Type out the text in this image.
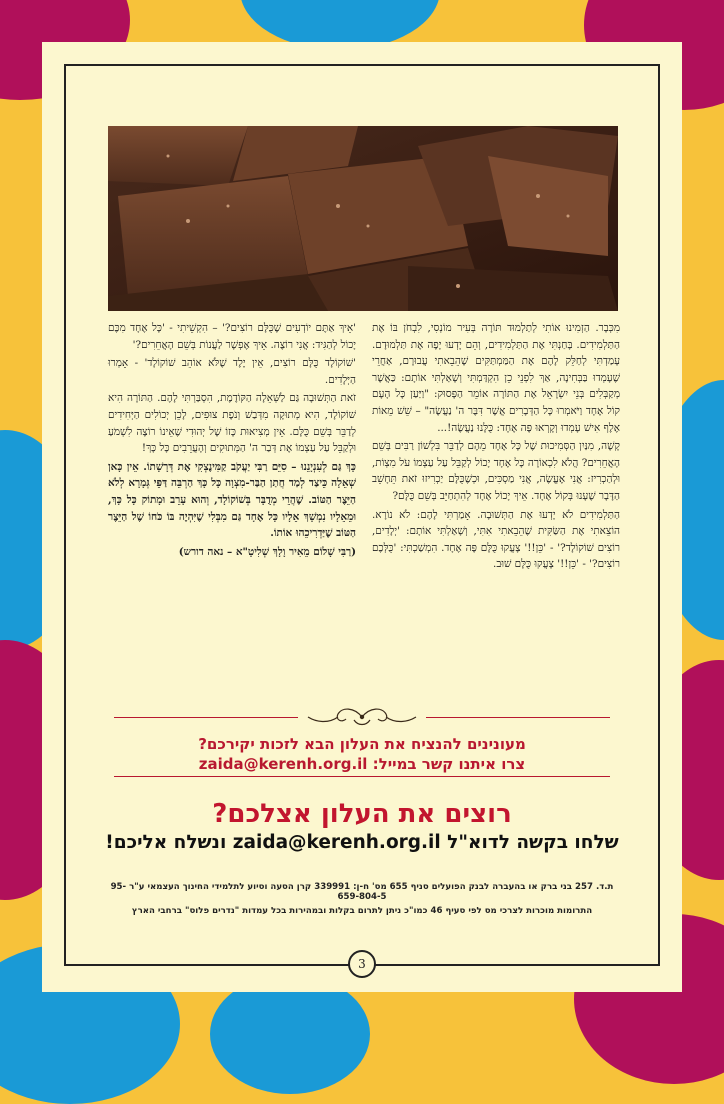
מִכְּבָר. הַזְמִינוּ אוֹתִי לְתַלְמוּד תּוֹרָה בְּעִיר מוֹנְסִי, לִבְחֹן בּוֹ אֶת הַתַּלְמִידִים. בָּחַנְתִּי אֶת הַתַּלְמִידִים, וְהֵם יָדְעוּ יָפֶה אֶת תַּלְמוּדָם. עָמַדְתִּי לְחַלֵּק לָהֶם אֶת הַמַּמְתַּקִּים שֶׁהֵבֵאתִי עֲבוּרָם, אַחֲרֵי שֶׁעָמְדוּ בַּבְּחִינָה, אַךְ לִפְנֵי כֵן הִקְדַּמְתִּי וְשָׁאַלְתִּי אוֹתָם: כַּאֲשֶׁר מְקַבְּלִים בְּנֵי יִשְׂרָאֵל אֶת הַתּוֹרָה אוֹמֵר הַפָּסוּק: "וַיַּעַן כָּל הָעָם קוֹל אֶחָד וַיֹּאמְרוּ כָּל הַדְּבָרִים אֲשֶׁר דִּבֶּר ה' נַעֲשֶׂה" – שֵׁשׁ מֵאוֹת אֶלֶף אִישׁ עָמְדוּ וְקָרְאוּ פֶּה אֶחָד: כֻּלָּנוּ נַעֲשֶׂה!...

קָשֶׁה, מִנַּיִן הַסְּמִיכוּת שֶׁל כָּל אֶחָד מֵהֶם לְדַבֵּר בִּלְשׁוֹן רַבִּים בְּשֵׁם הָאֲחֵרִים? הֲלֹא לִכְאוֹרָה כָּל אֶחָד יָכוֹל לְקַבֵּל עַל עַצְמוֹ עֹל מִצְוֹת, וּלְהַכְרִיז: אֲנִי אֶעֱשֶׂה, אֲנִי מַסְכִּים, וּכְשֶׁכֻּלָּם יַכְרִיזוּ זֹאת תֵּחָשֵׁב הַדָּבָר שֶׁעָנוּ בְּקוֹל אֶחָד. אֵיךְ יָכוֹל אֶחָד לְהִתְחַיֵּב בְּשֵׁם כֻּלָּם?

הַתַּלְמִידִים לֹא יָדְעוּ אֶת הַתְּשׁוּבָה. אָמַרְתִּי לָהֶם: לֹא נוֹרָא. הוֹצֵאתִי אֶת הַשַּׂקִּית שֶׁהֵבֵאתִי אִתִּי, וְשָׁאַלְתִּי אוֹתָם: 'יְלָדִים, רוֹצִים שׁוֹקוֹלָד?' - 'כֵּן!!' צָעֲקוּ כֻּלָּם פֶּה אֶחָד. הִמְשַׁכְתִּי: 'כֻּלְּכֶם רוֹצִים?' - 'כֵּן!!' צָעֲקוּ כֻּלָּם שׁוּב.

'אֵיךְ אַתֶּם יוֹדְעִים שֶׁכֻּלָּם רוֹצִים?' – הִקְשֵׁיתִי - 'כָּל אֶחָד מִכֶּם יָכוֹל לְהַגִּיד: אֲנִי רוֹצֶה. אֵיךְ אֶפְשָׁר לַעֲנוֹת בְּשֵׁם הָאֲחֵרִים?'

'שׁוֹקוֹלָד כֻּלָּם רוֹצִים, אֵין יֶלֶד שֶׁלֹּא אוֹהֵב שׁוֹקוֹלָד' - אָמְרוּ הַיְּלָדִים.

זֹאת הַתְּשׁוּבָה גַּם לַשְּׁאֵלָה הַקּוֹדֶמֶת, הִסְבַּרְתִּי לָהֶם. הַתּוֹרָה הִיא שׁוֹקוֹלָד, הִיא מְתוּקָה מִדְּבַשׁ וְנֹפֶת צוּפִים, לָכֵן יְכוֹלִים הַיְּחִידִים לְדַבֵּר בְּשֵׁם כֻּלָּם. אֵין מְצִיאוּת כָּזוֹ שֶׁל יְהוּדִי שֶׁאֵינוֹ רוֹצֶה לִשְׁמֹעַ וּלְקַבֵּל עַל עַצְמוֹ אֶת דְּבַר ה' הַמְּתוּקִים וְהָעֲרֵבִים כָּל כָּךְ!

כָּךְ גַּם לְעִנְיָנֵנוּ – סִיֵּם רַבִּי יַעֲקֹב קַמִּינֶצְקִי אֶת דְּרָשָׁתוֹ. אֵין כָּאן שְׁאֵלָה כֵּיצַד לְמַד חֲתַן הַבַּר-מִצְוָה כָּל כָּךְ הַרְבֵּה דַּפֵּי גְּמָרָא לְלֹא הַיֵּצֶר הַטּוֹב. שֶׁהֲרֵי מְדֻבָּר בְּשׁוֹקוֹלָד, וְהוּא עָרֵב וּמָתוֹק כָּל כָּךְ, וּמֵאֵלָיו נִמְשָׁךְ אֵלָיו כָּל אֶחָד גַּם מִבְּלִי שֶׁיִּהְיֶה בּוֹ כֹּחוֹ שֶׁל הַיֵּצֶר הַטּוֹב שֶׁיַּדְרִיכֵהוּ אוֹתוֹ.

(רַבִּי שָׁלוֹם מֵאִיר וָלָךְ שְׁלִיטָ"א – נאה דורש)

מעונינים להנציח את העלון הבא לזכות יקירכם?
צרו איתנו קשר במייל: zaida@kerenh.org.il
רוצים את העלון אצלכם?
שלחו בקשה לדוא"ל zaida@kerenh.org.il ונשלח אליכם!
ת.ד. 257 בני ברק או בהעברה לבנק הפועלים סניף 655 מס' ח-ן: 339991 קרן הסעה וסיוע לתלמידי החינוך העצמאי ע"ר 95-659-804-5
התרומות מוכרות לצרכי מס לפי סעיף 46 כמו"כ ניתן לתרום בקלות ובמהירות בכל עמדות "נדרים פלוס" ברחבי הארץ
3
